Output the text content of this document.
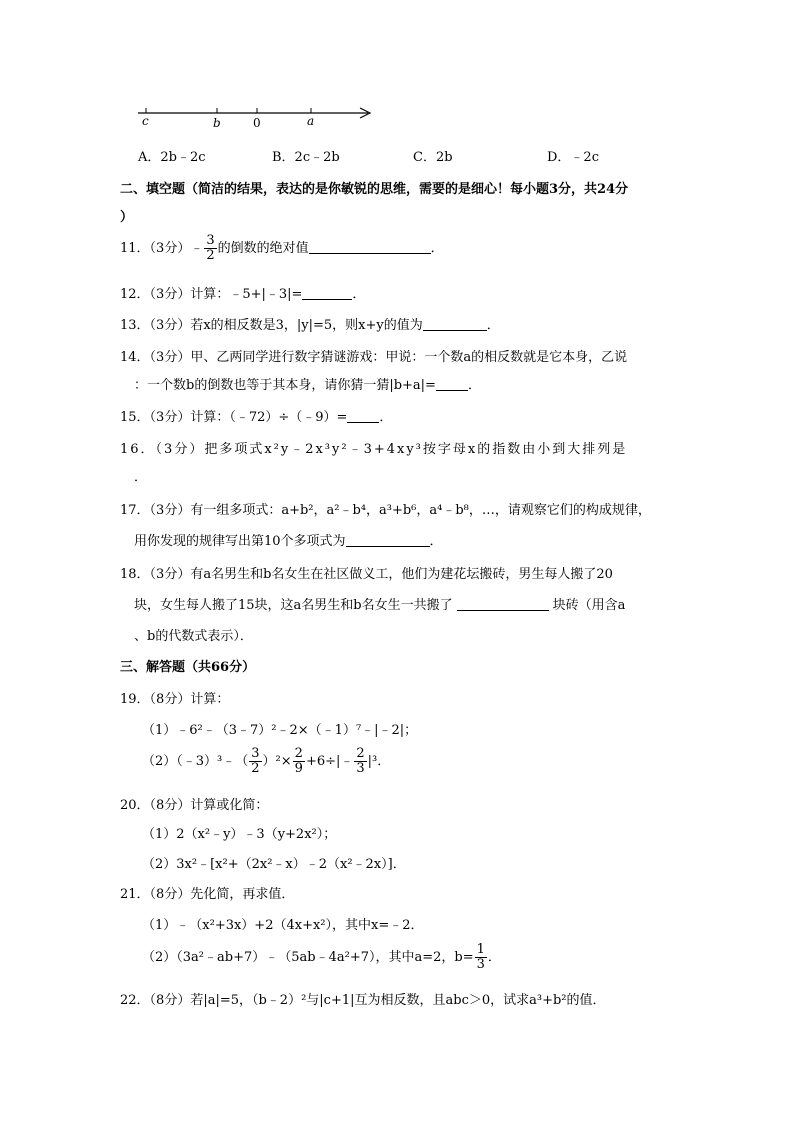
c	b	0	a
A．2b﹣2c	B．2c﹣2b	C．2b	D．﹣2c
二、填空题（简洁的结果，表达的是你敏锐的思维，需要的是细心！每小题3分，共24分
）
11．（3分）﹣ $\frac{3}{2}$ 的倒数的绝对值	．
12．（3分）计算：﹣5+|﹣3|=	．
13．（3分）若x的相反数是3，|y|=5，则x+y的值为	．
14．（3分）甲、乙两同学进行数字猜谜游戏：甲说：一个数a的相反数就是它本身，乙说
：一个数b的倒数也等于其本身，请你猜一猜|b+a|= ．
15．（3分）计算：（﹣72）÷（﹣9）= ．
16．（3分）把多项式x²y﹣2x³y²﹣3+4xy³按字母x的指数由小到大排列是
．
17．（3分）有一组多项式：a+b²，a²﹣b⁴，a³+b⁶，a⁴﹣b⁸，…，请观察它们的构成规律，
用你发现的规律写出第10个多项式为	．
18．（3分）有a名男生和b名女生在社区做义工，他们为建花坛搬砖，男生每人搬了20
块，女生每人搬了15块，这a名男生和b名女生一共搬了	块砖（用含a
、b的代数式表示）．
三、解答题（共66分）
19．（8分）计算：
（1）﹣6²﹣（3﹣7）²﹣2×（﹣1）⁷﹣|﹣2|；
（2）（﹣3）³﹣（ $\frac{3}{2} )^2\times \frac{2}{9}$ +6÷|﹣ $\frac{2}{3} |^3$．
20．（8分）计算或化简：
（1）2（x²﹣y）﹣3（y+2x²）；
（2）3x²﹣[x²+（2x²﹣x）﹣2（x²﹣2x）]．
21．（8分）先化简，再求值．
（1）﹣（x²+3x）+2（4x+x²），其中x=﹣2．
（2）（3a²﹣ab+7）﹣（5ab﹣4a²+7），其中a=2，$b= \frac{1}{3}$ ．
22．（8分）若|a|=5，（b﹣2）²与|c+1|互为相反数，且abc＞0，试求a³+b²的值．
